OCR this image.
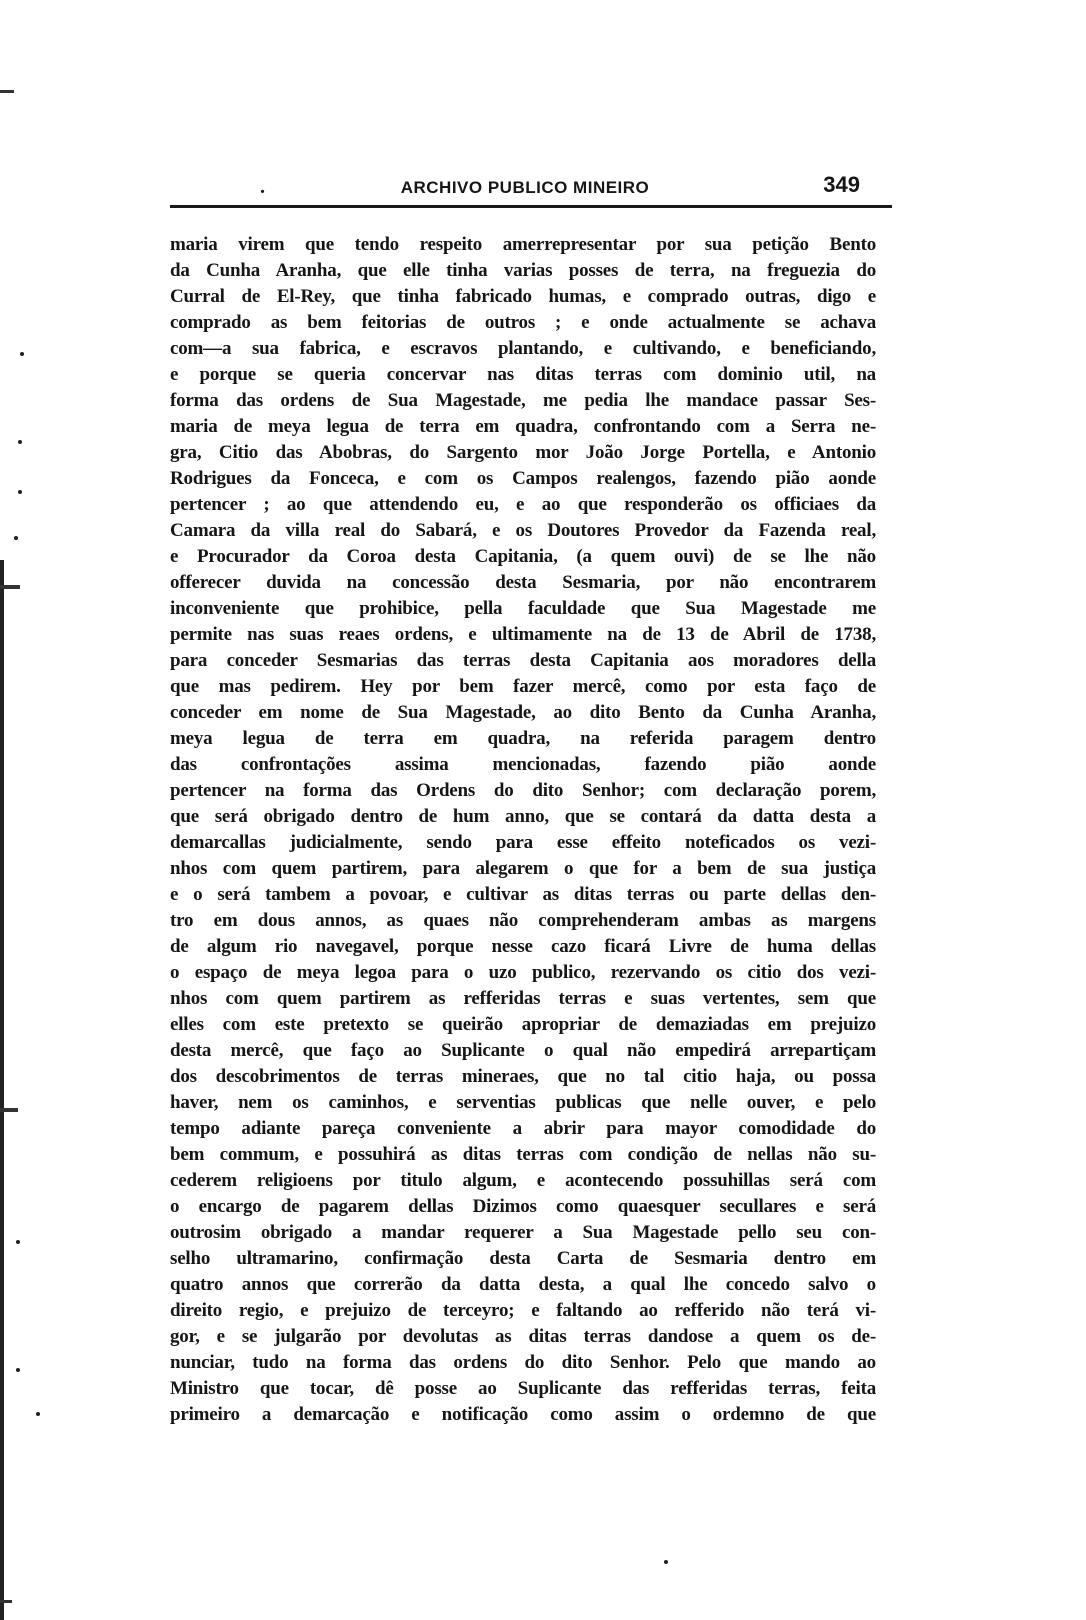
.	ARCHIVO PUBLICO MINEIRO	349
maria virem que tendo respeito amerrepresentar por sua petição Bento
da Cunha Aranha, que elle tinha varias posses de terra, na freguezia do
Curral de El-Rey, que tinha fabricado humas, e comprado outras, digo e
comprado as bem feitorias de outros ; e onde actualmente se achava
com—a sua fabrica, e escravos plantando, e cultivando, e beneficiando,
e porque se queria concervar nas ditas terras com dominio util, na
forma das ordens de Sua Magestade, me pedia lhe mandace passar Ses-
maria de meya legua de terra em quadra, confrontando com a Serra ne-
gra, Citio das Abobras, do Sargento mor João Jorge Portella, e Antonio
Rodrigues da Fonceca, e com os Campos realengos, fazendo pião aonde
pertencer ; ao que attendendo eu, e ao que responderão os officiaes da
Camara da villa real do Sabará, e os Doutores Provedor da Fazenda real,
e Procurador da Coroa desta Capitania, (a quem ouvi) de se lhe não
offerecer duvida na concessão desta Sesmaria, por não encontrarem
inconveniente que prohibice, pella faculdade que Sua Magestade me
permite nas suas reaes ordens, e ultimamente na de 13 de Abril de 1738,
para conceder Sesmarias das terras desta Capitania aos moradores della
que mas pedirem. Hey por bem fazer mercê, como por esta faço de
conceder em nome de Sua Magestade, ao dito Bento da Cunha Aranha,
meya legua de terra em quadra, na referida paragem dentro
das confrontações assima mencionadas, fazendo pião aonde
pertencer na forma das Ordens do dito Senhor; com declaração porem,
que será obrigado dentro de hum anno, que se contará da datta desta a
demarcallas judicialmente, sendo para esse effeito noteficados os vezi-
nhos com quem partirem, para alegarem o que for a bem de sua justiça
e o será tambem a povoar, e cultivar as ditas terras ou parte dellas den-
tro em dous annos, as quaes não comprehenderam ambas as margens
de algum rio navegavel, porque nesse cazo ficará Livre de huma dellas
o espaço de meya legoa para o uzo publico, rezervando os citio dos vezi-
nhos com quem partirem as refferidas terras e suas vertentes, sem que
elles com este pretexto se queirão apropriar de demaziadas em prejuizo
desta mercê, que faço ao Suplicante o qual não empedirá arrepartiçam
dos descobrimentos de terras mineraes, que no tal citio haja, ou possa
haver, nem os caminhos, e serventias publicas que nelle ouver, e pelo
tempo adiante pareça conveniente a abrir para mayor comodidade do
bem commum, e possuhirá as ditas terras com condição de nellas não su-
cederem religioens por titulo algum, e acontecendo possuhillas será com
o encargo de pagarem dellas Dizimos como quaesquer secullares e será
outrosim obrigado a mandar requerer a Sua Magestade pello seu con-
selho ultramarino, confirmação desta Carta de Sesmaria dentro em
quatro annos que correrão da datta desta, a qual lhe concedo salvo o
direito regio, e prejuizo de terceyro; e faltando ao refferido não terá vi-
gor, e se julgarão por devolutas as ditas terras dandose a quem os de-
nunciar, tudo na forma das ordens do dito Senhor. Pelo que mando ao
Ministro que tocar, dê posse ao Suplicante das refferidas terras, feita
primeiro a demarcação e notificação como assim o ordemno de que
